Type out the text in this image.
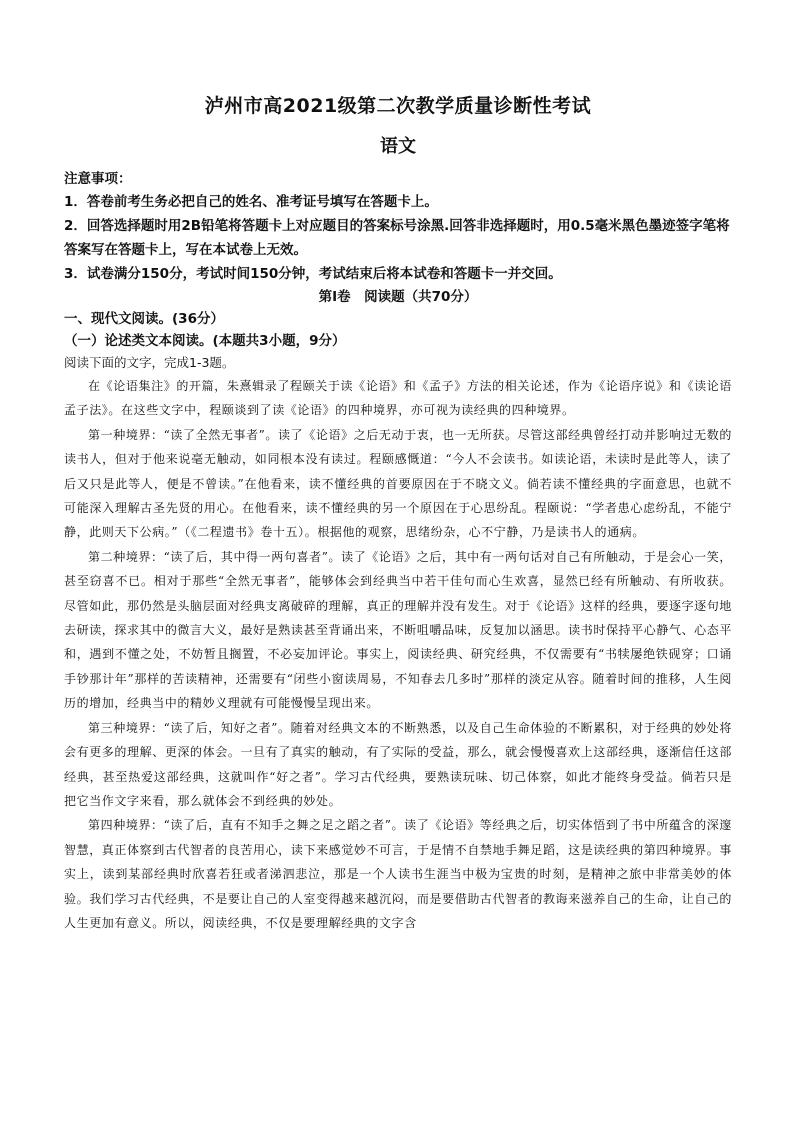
泸州市高2021级第二次教学质量诊断性考试
语文

注意事项：

1．答卷前考生务必把自己的姓名、准考证号填写在答题卡上。

2．回答选择题时用2B铅笔将答题卡上对应题目的答案标号涂黑.回答非选择题时，用0.5毫米黑色墨迹签字笔将答案写在答题卡上，写在本试卷上无效。

3．试卷满分150分，考试时间150分钟，考试结束后将本试卷和答题卡一并交回。

第Ⅰ卷　阅读题（共70分）

一、现代文阅读。(36分）

（一）论述类文本阅读。(本题共3小题，9分）

阅读下面的文字，完成1-3题。

在《论语集注》的开篇，朱熹辑录了程颐关于读《论语》和《孟子》方法的相关论述，作为《论语序说》和《读论语孟子法》。在这些文字中，程颐谈到了读《论语》的四种境界，亦可视为读经典的四种境界。

第一种境界：“读了全然无事者”。读了《论语》之后无动于衷，也一无所获。尽管这部经典曾经打动并影响过无数的读书人，但对于他来说毫无触动，如同根本没有读过。程颐感慨道：“今人不会读书。如读论语，未读时是此等人，读了后又只是此等人，便是不曾读。”在他看来，读不懂经典的首要原因在于不晓文义。倘若读不懂经典的字面意思，也就不可能深入理解古圣先贤的用心。在他看来，读不懂经典的另一个原因在于心思纷乱。程颐说：“学者患心虑纷乱，不能宁静，此则天下公病。”（《二程遗书》卷十五）。根据他的观察，思绪纷杂，心不宁静，乃是读书人的通病。

第二种境界：“读了后，其中得一两句喜者”。读了《论语》之后，其中有一两句话对自己有所触动，于是会心一笑，甚至窃喜不已。相对于那些“全然无事者”，能够体会到经典当中若干佳句而心生欢喜，显然已经有所触动、有所收获。尽管如此，那仍然是头脑层面对经典支离破碎的理解，真正的理解并没有发生。对于《论语》这样的经典，要逐字逐句地去研读，探求其中的微言大义，最好是熟读甚至背诵出来，不断咀嚼品味，反复加以涵思。读书时保持平心静气、心态平和，遇到不懂之处，不妨暂且搁置，不必妄加评论。事实上，阅读经典、研究经典，不仅需要有“书犊屡绝铁砚穿；口诵手钞那计年”那样的苦读精神，还需要有“闭些小窗读周易，不知春去几多时”那样的淡定从容。随着时间的推移，人生阅历的增加，经典当中的精妙义理就有可能慢慢呈现出来。

第三种境界：“读了后，知好之者”。随着对经典文本的不断熟悉，以及自己生命体验的不断累积，对于经典的妙处将会有更多的理解、更深的体会。一旦有了真实的触动，有了实际的受益，那么，就会慢慢喜欢上这部经典，逐渐信任这部经典，甚至热爱这部经典，这就叫作“好之者”。学习古代经典，要熟读玩味、切己体察，如此才能终身受益。倘若只是把它当作文字来看，那么就体会不到经典的妙处。

第四种境界：“读了后，直有不知手之舞之足之蹈之者”。读了《论语》等经典之后，切实体悟到了书中所蕴含的深邃智慧，真正体察到古代智者的良苦用心，读下来感觉妙不可言，于是情不自禁地手舞足蹈，这是读经典的第四种境界。事实上，读到某部经典时欣喜若狂或者涕泗悲泣，那是一个人读书生涯当中极为宝贵的时刻，是精神之旅中非常美妙的体验。我们学习古代经典，不是要让自己的人室变得越来越沉闷，而是要借助古代智者的教诲来滋养自己的生命，让自己的人生更加有意义。所以，阅读经典，不仅是要理解经典的文字含
